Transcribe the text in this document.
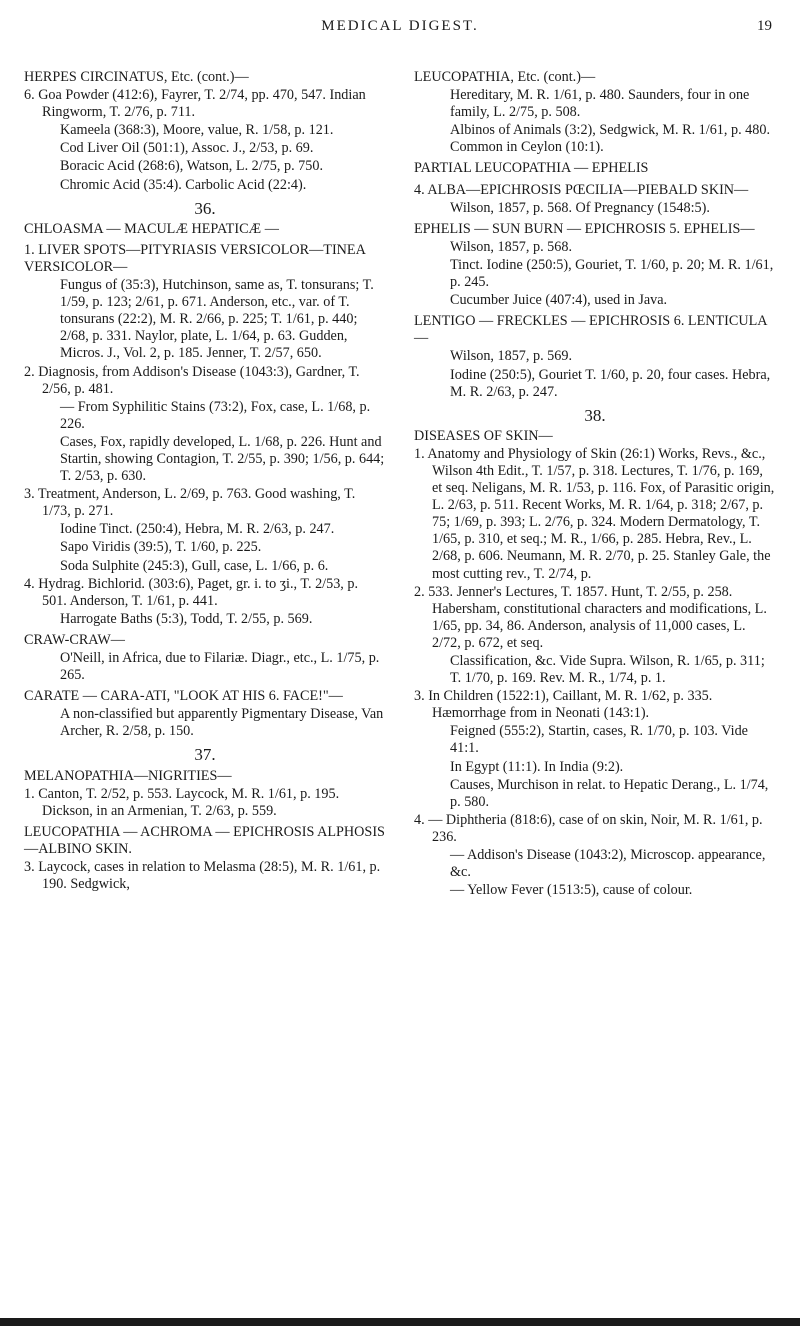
MEDICAL DIGEST.	19
HERPES CIRCINATUS, Etc. (cont.)—
6. Goa Powder (412:6), Fayrer, T. 2/74, pp. 470, 547. Indian Ringworm, T. 2/76, p. 711.
Kameela (368:3), Moore, value, R. 1/58, p. 121.
Cod Liver Oil (501:1), Assoc. J., 2/53, p. 69.
Boracic Acid (268:6), Watson, L. 2/75, p. 750.
Chromic Acid (35:4). Carbolic Acid (22:4).
36.
CHLOASMA — MACULÆ HEPATICÆ —
1. LIVER SPOTS—PITYRIASIS VERSICOLOR—TINEA VERSICOLOR—
Fungus of (35:3), Hutchinson, same as, T. tonsurans; T. 1/59, p. 123; 2/61, p. 671. Anderson, etc., var. of T. tonsurans (22:2), M. R. 2/66, p. 225; T. 1/61, p. 440; 2/68, p. 331. Naylor, plate, L. 1/64, p. 63. Gudden, Micros. J., Vol. 2, p. 185. Jenner, T. 2/57, 650.
2. Diagnosis, from Addison's Disease (1043:3), Gardner, T. 2/56, p. 481.
— From Syphilitic Stains (73:2), Fox, case, L. 1/68, p. 226.
Cases, Fox, rapidly developed, L. 1/68, p. 226. Hunt and Startin, showing Contagion, T. 2/55, p. 390; 1/56, p. 644; T. 2/53, p. 630.
3. Treatment, Anderson, L. 2/69, p. 763. Good washing, T. 1/73, p. 271.
Iodine Tinct. (250:4), Hebra, M. R. 2/63, p. 247.
Sapo Viridis (39:5), T. 1/60, p. 225.
Soda Sulphite (245:3), Gull, case, L. 1/66, p. 6.
4. Hydrag. Bichlorid. (303:6), Paget, gr. i. to ʒi., T. 2/53, p. 501. Anderson, T. 1/61, p. 441.
Harrogate Baths (5:3), Todd, T. 2/55, p. 569.
CRAW-CRAW—
O'Neill, in Africa, due to Filariæ. Diagr., etc., L. 1/75, p. 265.
CARATE — CARA-ATI, "LOOK AT HIS 6. FACE!"—
A non-classified but apparently Pigmentary Disease, Van Archer, R. 2/58, p. 150.
37.
MELANOPATHIA—NIGRITIES—
1. Canton, T. 2/52, p. 553. Laycock, M. R. 1/61, p. 195. Dickson, in an Armenian, T. 2/63, p. 559.
LEUCOPATHIA — ACHROMA — EPICHROSIS ALPHOSIS—ALBINO SKIN.
3. Laycock, cases in relation to Melasma (28:5), M. R. 1/61, p. 190. Sedgwick,
LEUCOPATHIA, Etc. (cont.)—
Hereditary, M. R. 1/61, p. 480. Saunders, four in one family, L. 2/75, p. 508.
Albinos of Animals (3:2), Sedgwick, M. R. 1/61, p. 480. Common in Ceylon (10:1).
PARTIAL LEUCOPATHIA — EPHELIS
4. ALBA—EPICHROSIS PŒCILIA—PIEBALD SKIN—
Wilson, 1857, p. 568. Of Pregnancy (1548:5).
EPHELIS — SUN BURN — EPICHROSIS 5. EPHELIS—
Wilson, 1857, p. 568.
Tinct. Iodine (250:5), Gouriet, T. 1/60, p. 20; M. R. 1/61, p. 245.
Cucumber Juice (407:4), used in Java.
LENTIGO — FRECKLES — EPICHROSIS 6. LENTICULA—
Wilson, 1857, p. 569.
Iodine (250:5), Gouriet T. 1/60, p. 20, four cases. Hebra, M. R. 2/63, p. 247.
38.
DISEASES OF SKIN—
1. Anatomy and Physiology of Skin (26:1) Works, Revs., &c., Wilson 4th Edit., T. 1/57, p. 318. Lectures, T. 1/76, p. 169, et seq. Neligans, M. R. 1/53, p. 116. Fox, of Parasitic origin, L. 2/63, p. 511. Recent Works, M. R. 1/64, p. 318; 2/67, p. 75; 1/69, p. 393; L. 2/76, p. 324. Modern Dermatology, T. 1/65, p. 310, et seq.; M. R., 1/66, p. 285. Hebra, Rev., L. 2/68, p. 606. Neumann, M. R. 2/70, p. 25. Stanley Gale, the most cutting rev., T. 2/74, p.
2. 533. Jenner's Lectures, T. 1857. Hunt, T. 2/55, p. 258. Habersham, constitutional characters and modifications, L. 1/65, pp. 34, 86. Anderson, analysis of 11,000 cases, L. 2/72, p. 672, et seq.
Classification, &c. Vide Supra. Wilson, R. 1/65, p. 311; T. 1/70, p. 169. Rev. M. R., 1/74, p. 1.
3. In Children (1522:1), Caillant, M. R. 1/62, p. 335. Hæmorrhage from in Neonati (143:1).
Feigned (555:2), Startin, cases, R. 1/70, p. 103. Vide 41:1.
In Egypt (11:1). In India (9:2).
Causes, Murchison in relat. to Hepatic Derang., L. 1/74, p. 580.
4. — Diphtheria (818:6), case of on skin, Noir, M. R. 1/61, p. 236.
— Addison's Disease (1043:2), Microscop. appearance, &c.
— Yellow Fever (1513:5), cause of colour.
